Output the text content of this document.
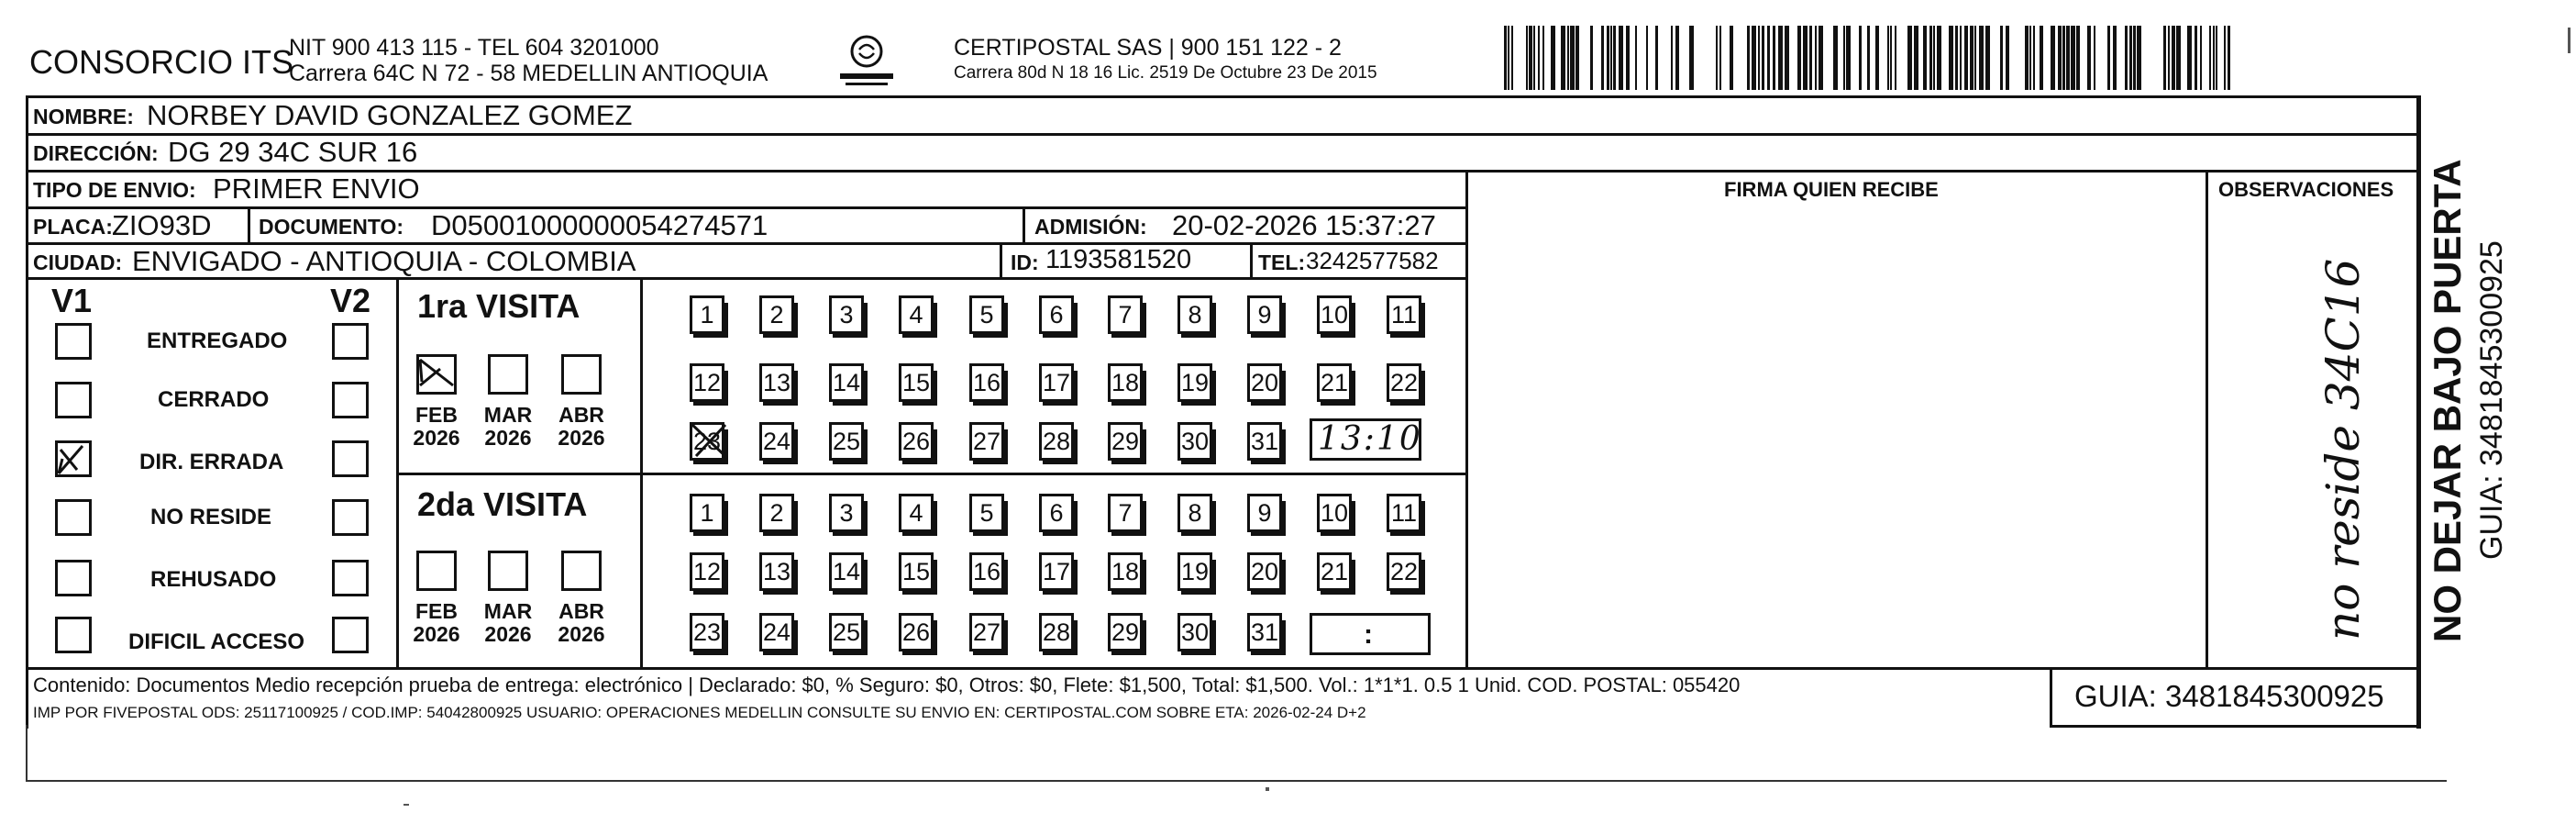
CONSORCIO ITS
NIT 900 413 115 - TEL 604 3201000
Carrera 64C N 72 - 58 MEDELLIN ANTIOQUIA
CERTIPOSTAL SAS | 900 151 122 - 2
Carrera 80d N 18 16 Lic. 2519 De Octubre 23 De 2015
NOMBRE: NORBEY DAVID GONZALEZ GOMEZ
DIRECCIÓN: DG 29 34C SUR 16
TIPO DE ENVIO: PRIMER ENVIO
PLACA: ZIO93D DOCUMENTO: D05001000000054274571	ADMISIÓN: 20-02-2026 15:37:27
CIUDAD: ENVIGADO - ANTIOQUIA - COLOMBIA	ID: 1193581520	TEL: 3242577582
FIRMA QUIEN RECIBE	OBSERVACIONES
V1	V2
ENTREGADO
CERRADO
DIR. ERRADA
NO RESIDE
REHUSADO
DIFICIL ACCESO
1ra VISITA
FEB
2026
MAR
2026
ABR
2026
1	2	3	4	5	6	7	8	9	10 11
12 13 14 15 16 17 18 19 20 21 22
23 24 25 26 27 28 29 30 31 13:10
2da VISITA
FEB
2026
MAR
2026
ABR
2026
1	2	3	4	5	6	7	8	9	10 11
12 13 14 15 16 17 18 19 20 21 22
23 24 25 26 27 28 29 30 31	:	no reside 34C16 NO DEJAR BAJO PUERTA GUIA: 3481845300925
Contenido: Documentos Medio recepción prueba de entrega: electrónico | Declarado: $0, % Seguro: $0, Otros: $0, Flete: $1,500, Total: $1,500. Vol.: 1*1*1. 0.5 1 Unid. COD. POSTAL: 055420
IMP POR FIVEPOSTAL ODS: 25117100925 / COD.IMP: 54042800925 USUARIO: OPERACIONES MEDELLIN CONSULTE SU ENVIO EN: CERTIPOSTAL.COM SOBRE ETA: 2026-02-24 D+2	GUIA: 3481845300925
